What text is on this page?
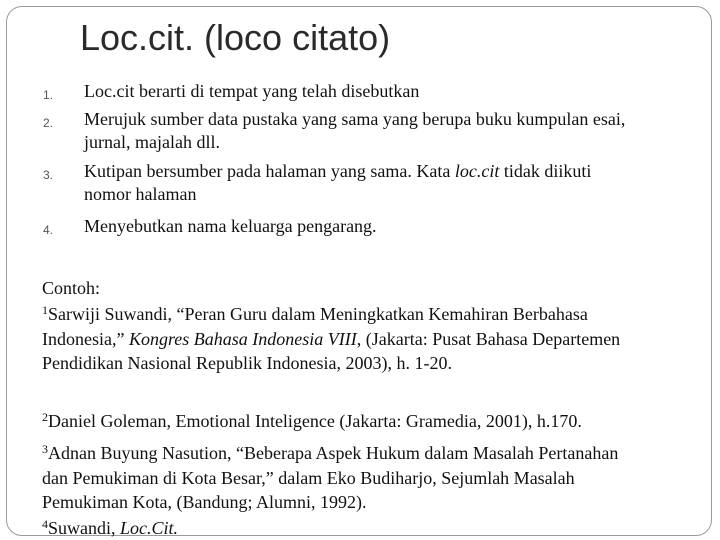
Loc.cit. (loco citato)
1. Loc.cit berarti di tempat yang telah disebutkan
2. Merujuk sumber data pustaka yang sama yang berupa buku kumpulan esai,
jurnal, majalah dll.
3. Kutipan bersumber pada halaman yang sama. Kata loc.cit tidak diikuti
nomor halaman
4. Menyebutkan nama keluarga pengarang.
Contoh:
$^1$Sarwiji Suwandi, “Peran Guru dalam Meningkatkan Kemahiran Berbahasa
Indonesia,” Kongres Bahasa Indonesia VIII, (Jakarta: Pusat Bahasa Departemen
Pendidikan Nasional Republik Indonesia, 2003), h. 1-20.
$^2$Daniel Goleman, Emotional Inteligence (Jakarta: Gramedia, 2001), h.170.
$^3$Adnan Buyung Nasution, “Beberapa Aspek Hukum dalam Masalah Pertanahan
dan Pemukiman di Kota Besar,” dalam Eko Budiharjo, Sejumlah Masalah
Pemukiman Kota, (Bandung; Alumni, 1992).
$^4$Suwandi, Loc.Cit.
